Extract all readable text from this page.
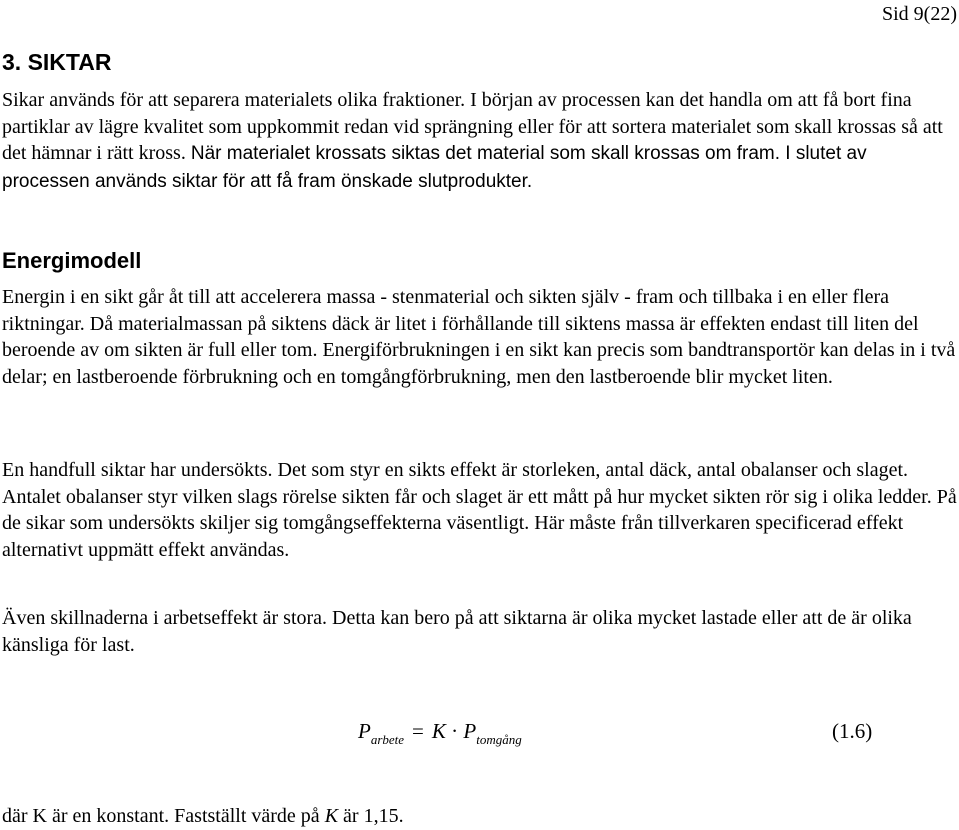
Sid 9(22)
3. SIKTAR

Sikar används för att separera materialets olika fraktioner. I början av processen kan det handla om att få bort fina partiklar av lägre kvalitet som uppkommit redan vid sprängning eller för att sortera materialet som skall krossas så att det hämnar i rätt kross. När materialet krossats siktas det material som skall krossas om fram. I slutet av processen används siktar för att få fram önskade slutprodukter.

Energimodell

Energin i en sikt går åt till att accelerera massa - stenmaterial och sikten själv - fram och tillbaka i en eller flera riktningar. Då materialmassan på siktens däck är litet i förhållande till siktens massa är effekten endast till liten del beroende av om sikten är full eller tom. Energiförbrukningen i en sikt kan precis som bandtransportör kan delas in i två delar; en lastberoende förbrukning och en tomgångförbrukning, men den lastberoende blir mycket liten.

En handfull siktar har undersökts. Det som styr en sikts effekt är storleken, antal däck, antal obalanser och slaget. Antalet obalanser styr vilken slags rörelse sikten får och slaget är ett mått på hur mycket sikten rör sig i olika ledder. På de sikar som undersökts skiljer sig tomgångseffekterna väsentligt. Här måste från tillverkaren specificerad effekt alternativt uppmätt effekt användas.

Även skillnaderna i arbetseffekt är stora. Detta kan bero på att siktarna är olika mycket lastade eller att de är olika känsliga för last.

$P_{arbete} = K \cdot P_{tomgång}$	(1.6)

där K är en konstant. Fastställt värde på K är 1,15.
